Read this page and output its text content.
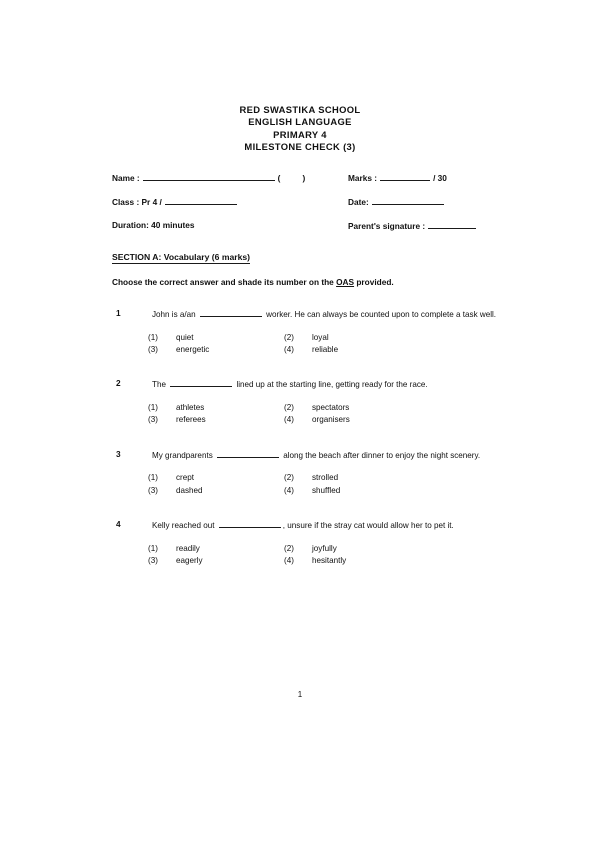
RED SWASTIKA SCHOOL
ENGLISH LANGUAGE
PRIMARY 4
MILESTONE CHECK (3)
Name :	(	)	Marks :	/ 30
Class : Pr 4 /	Date:
Duration: 40 minutes	Parent's signature :
SECTION A: Vocabulary (6 marks)
Choose the correct answer and shade its number on the OAS provided.
1	John is a/an	worker. He can always be counted upon to complete a task well.
(1) quiet	(2) loyal
(3) energetic	(4) reliable
2	The	lined up at the starting line, getting ready for the race.
(1) athletes	(2) spectators
(3) referees	(4) organisers
3	My grandparents	along the beach after dinner to enjoy the night scenery.
(1) crept	(2) strolled
(3) dashed	(4) shuffled
4	Kelly reached out	, unsure if the stray cat would allow her to pet it.
(1) readily	(2) joyfully
(3) eagerly	(4) hesitantly
1
